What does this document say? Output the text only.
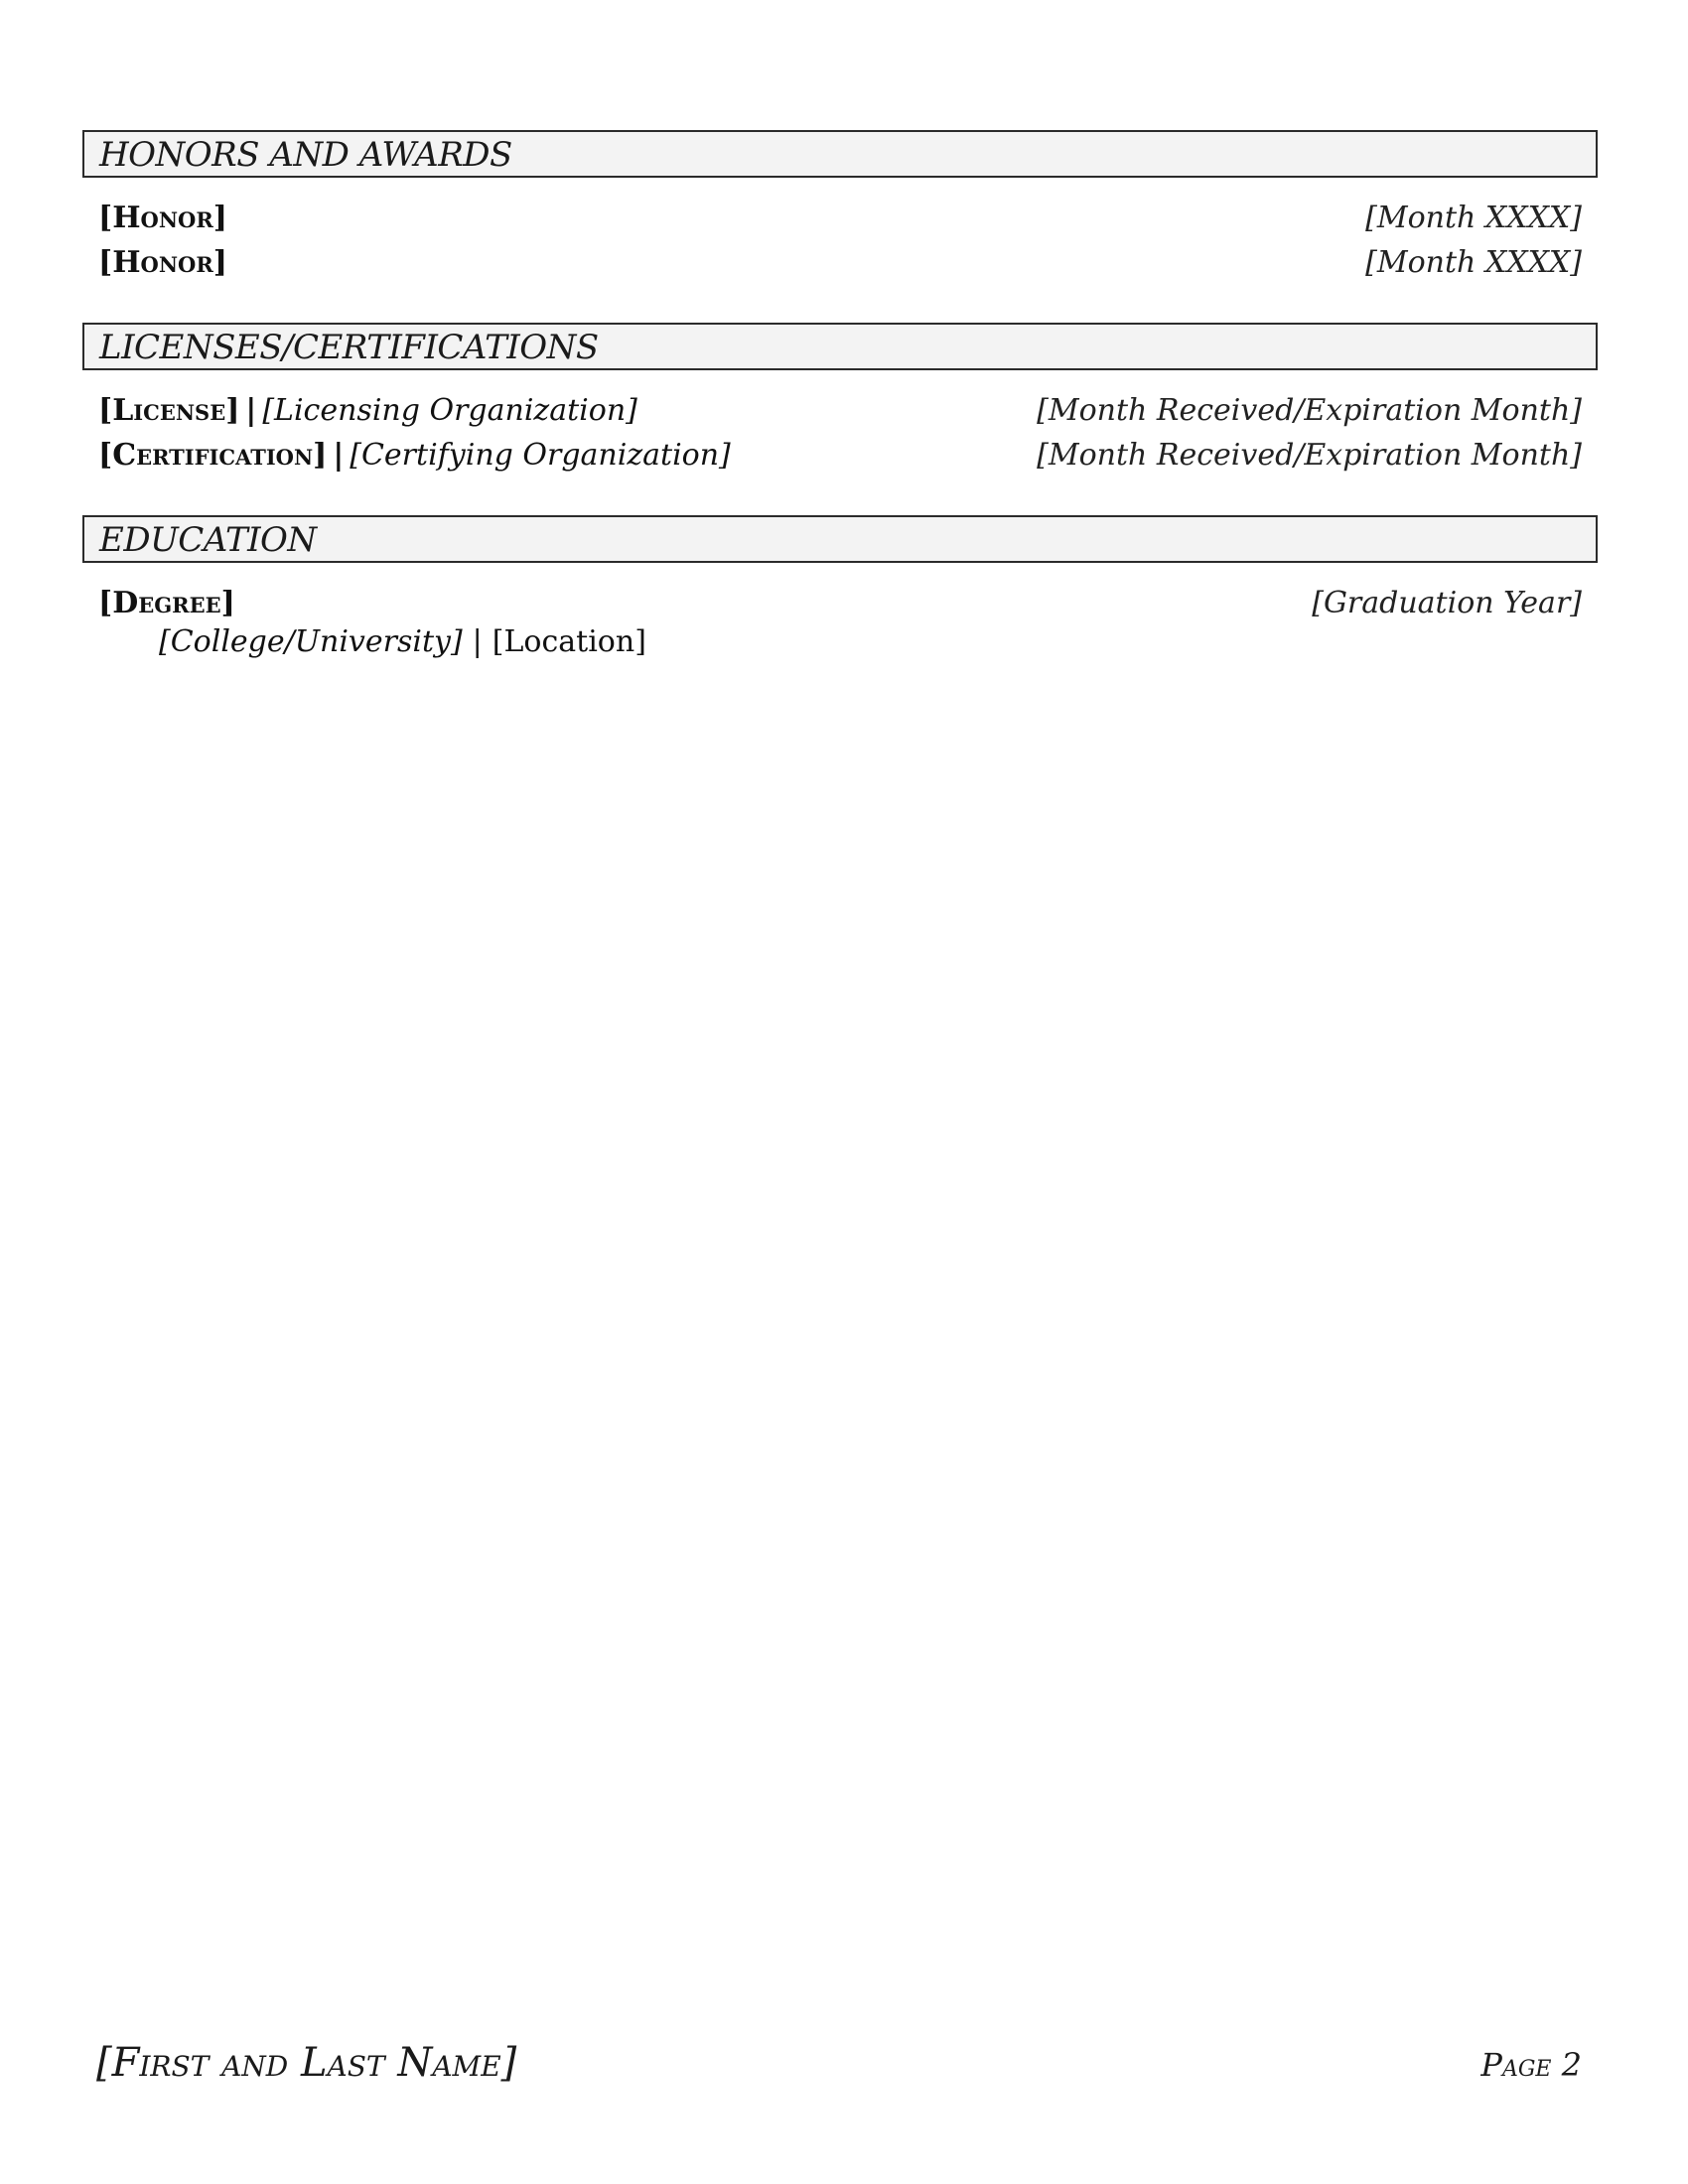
HONORS AND AWARDS
[Honor]	[Month XXXX]
[Honor]	[Month XXXX]
LICENSES/CERTIFICATIONS
[License] | [Licensing Organization]	[Month Received/Expiration Month]
[Certification] | [Certifying Organization]	[Month Received/Expiration Month]
EDUCATION
[Degree]	[Graduation Year]
[College/University] | [Location]
[First and Last Name]	Page 2
